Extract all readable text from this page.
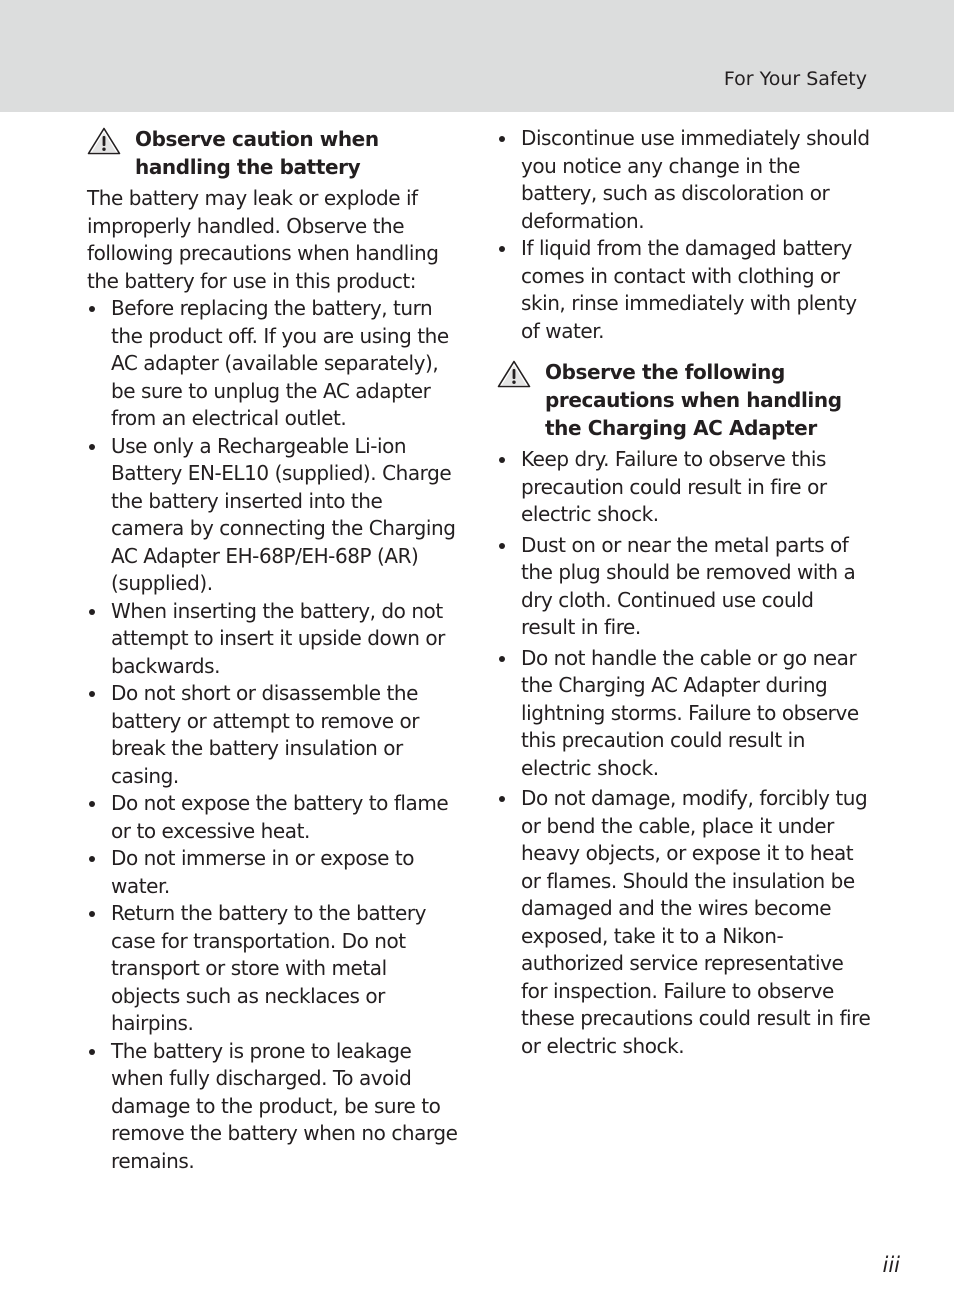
For Your Safety
Observe caution when handling the battery

The battery may leak or explode if improperly handled. Observe the following precautions when handling the battery for use in this product:

Before replacing the battery, turn the product off. If you are using the AC adapter (available separately), be sure to unplug the AC adapter from an electrical outlet.
Use only a Rechargeable Li-ion Battery EN-EL10 (supplied). Charge the battery inserted into the camera by connecting the Charging AC Adapter EH-68P/EH-68P (AR) (supplied).
When inserting the battery, do not attempt to insert it upside down or backwards.
Do not short or disassemble the battery or attempt to remove or break the battery insulation or casing.
Do not expose the battery to flame or to excessive heat.
Do not immerse in or expose to water.
Return the battery to the battery case for transportation. Do not transport or store with metal objects such as necklaces or hairpins.
The battery is prone to leakage when fully discharged. To avoid damage to the product, be sure to remove the battery when no charge remains.
Discontinue use immediately should you notice any change in the battery, such as discoloration or deformation.
If liquid from the damaged battery comes in contact with clothing or skin, rinse immediately with plenty of water.
Observe the following precautions when handling the Charging AC Adapter
Keep dry. Failure to observe this precaution could result in fire or electric shock.
Dust on or near the metal parts of the plug should be removed with a dry cloth. Continued use could result in fire.
Do not handle the cable or go near the Charging AC Adapter during lightning storms. Failure to observe this precaution could result in electric shock.
Do not damage, modify, forcibly tug or bend the cable, place it under heavy objects, or expose it to heat or flames. Should the insulation be damaged and the wires become exposed, take it to a Nikon-authorized service representative for inspection. Failure to observe these precautions could result in fire or electric shock.
iii
